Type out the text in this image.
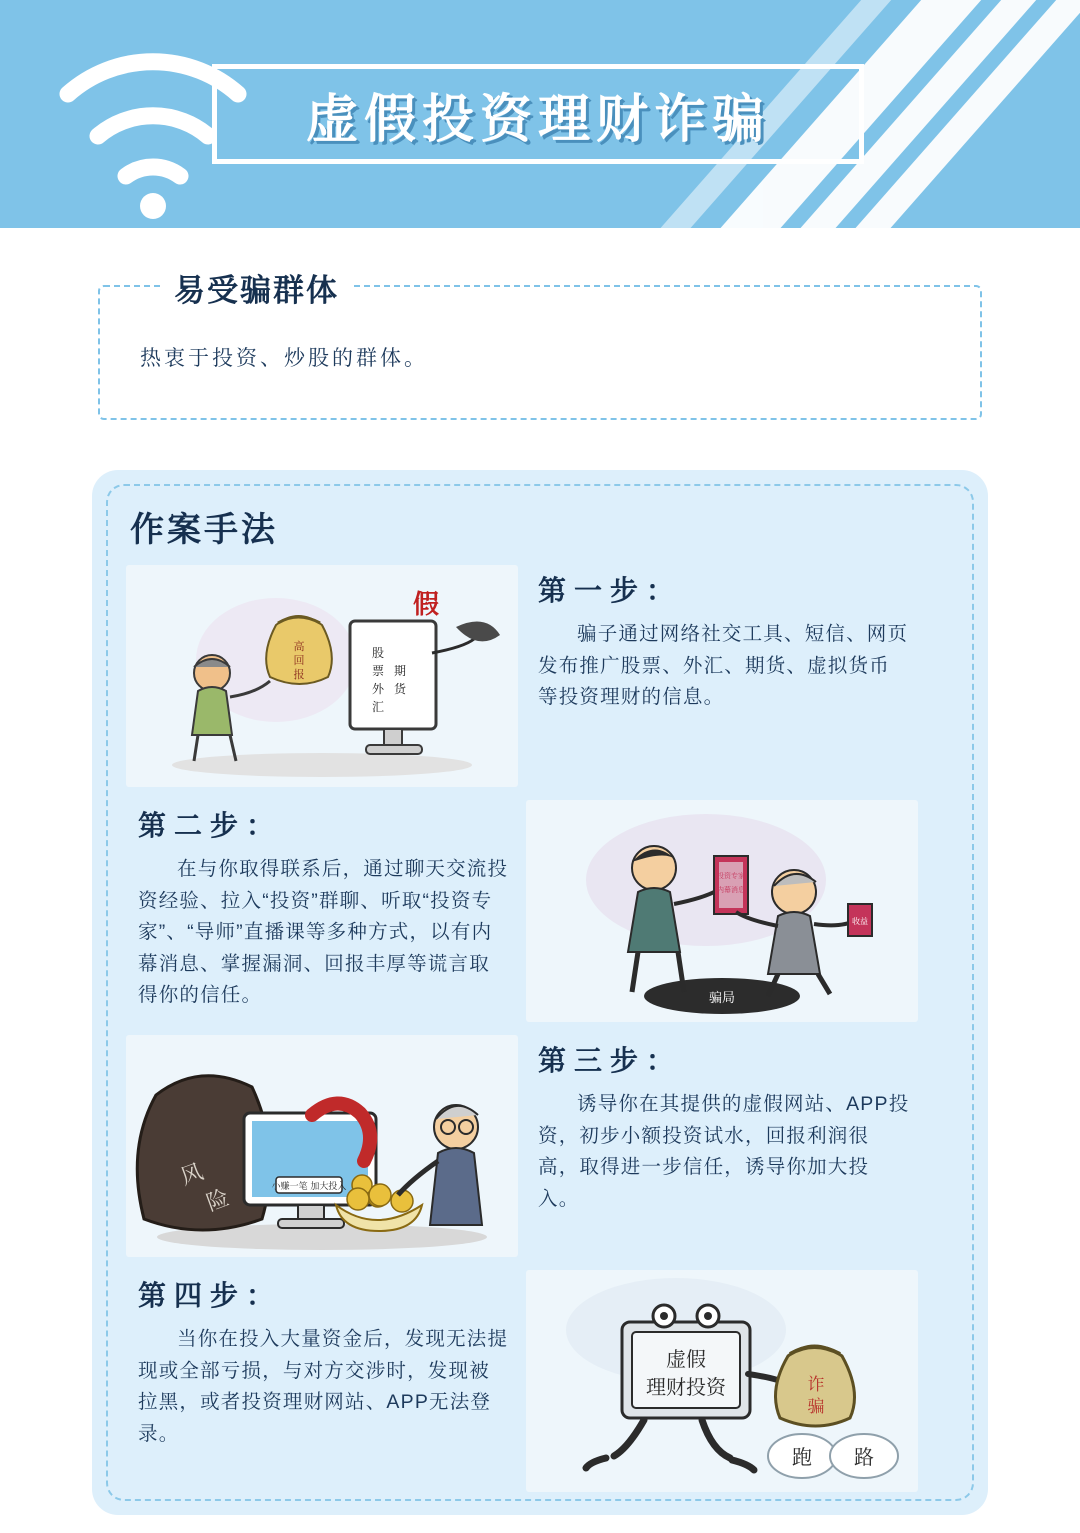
虚假投资理财诈骗
易受骗群体
热衷于投资、炒股的群体。
作案手法
高
回
报
股
票
外
汇
期
货
假	第一步：
骗子通过网络社交工具、短信、网页发布推广股票、外汇、期货、虚拟货币等投资理财的信息。
第二步：
在与你取得联系后，通过聊天交流投资经验、拉入“投资”群聊、听取“投资专家”、“导师”直播课等多种方式，以有内幕消息、掌握漏洞、回报丰厚等谎言取得你的信任。	骗局
投资专家
内幕消息
收益
风
险	小赚一笔 加大投入
第三步：
诱导你在其提供的虚假网站、APP投资，初步小额投资试水，回报利润很高，取得进一步信任，诱导你加大投入。
第四步：
当你在投入大量资金后，发现无法提现或全部亏损，与对方交涉时，发现被拉黑，或者投资理财网站、APP无法登录。
虚假
理财投资	诈
骗
跑 路
